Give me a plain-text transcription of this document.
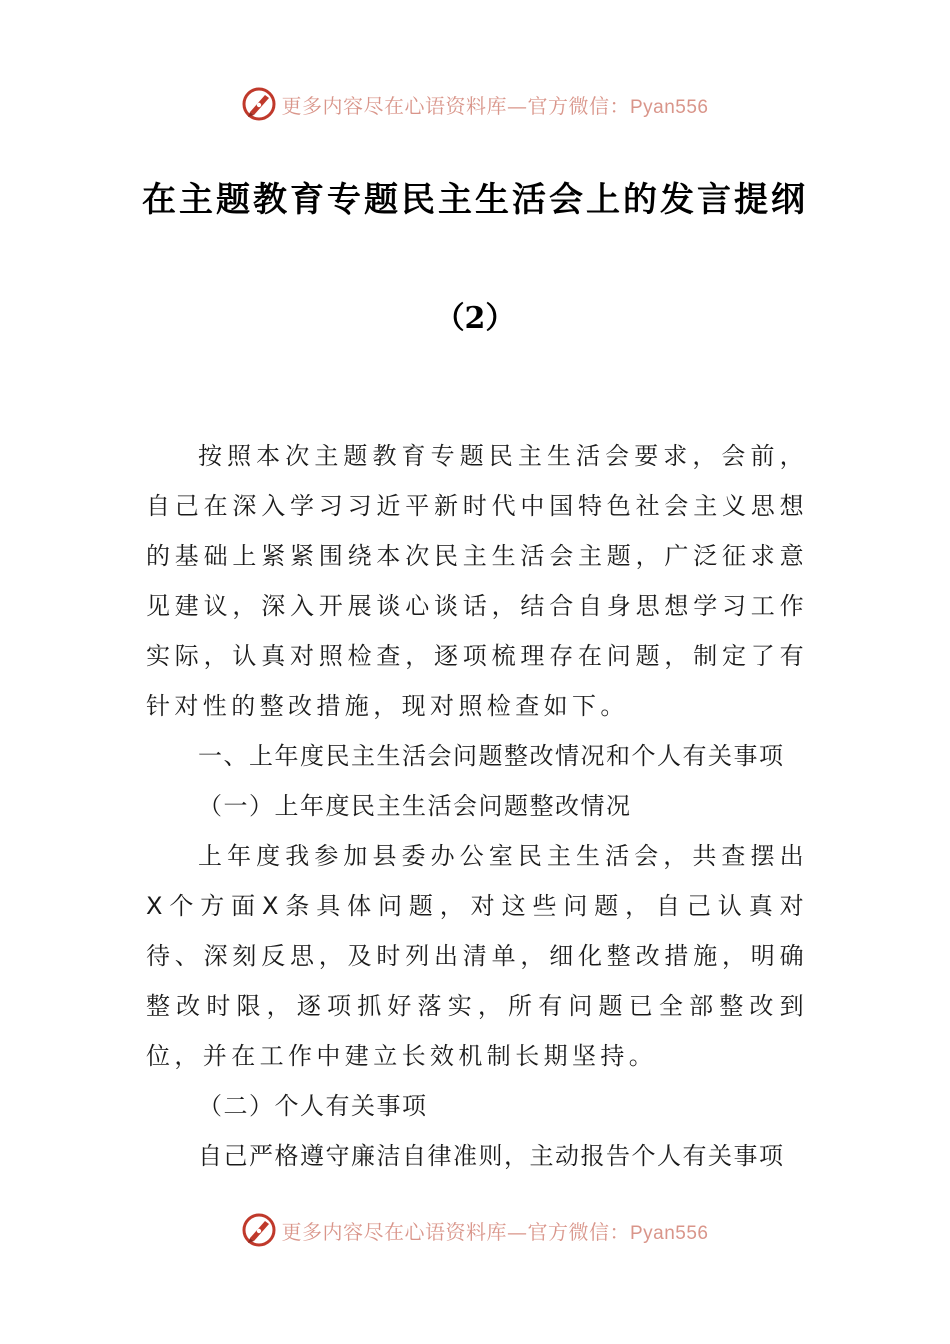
更多内容尽在心语资料库—官方微信：Pyan556
在主题教育专题民主生活会上的发言提纲
（2）

按照本次主题教育专题民主生活会要求，会前，自己在深入学习习近平新时代中国特色社会主义思想的基础上紧紧围绕本次民主生活会主题，广泛征求意见建议，深入开展谈心谈话，结合自身思想学习工作实际，认真对照检查，逐项梳理存在问题，制定了有针对性的整改措施，现对照检查如下。

一、上年度民主生活会问题整改情况和个人有关事项

（一）上年度民主生活会问题整改情况

上年度我参加县委办公室民主生活会，共查摆出X个方面X条具体问题，对这些问题，自己认真对待、深刻反思，及时列出清单，细化整改措施，明确整改时限，逐项抓好落实，所有问题已全部整改到位，并在工作中建立长效机制长期坚持。

（二）个人有关事项

自己严格遵守廉洁自律准则，主动报告个人有关事项

更多内容尽在心语资料库—官方微信：Pyan556
